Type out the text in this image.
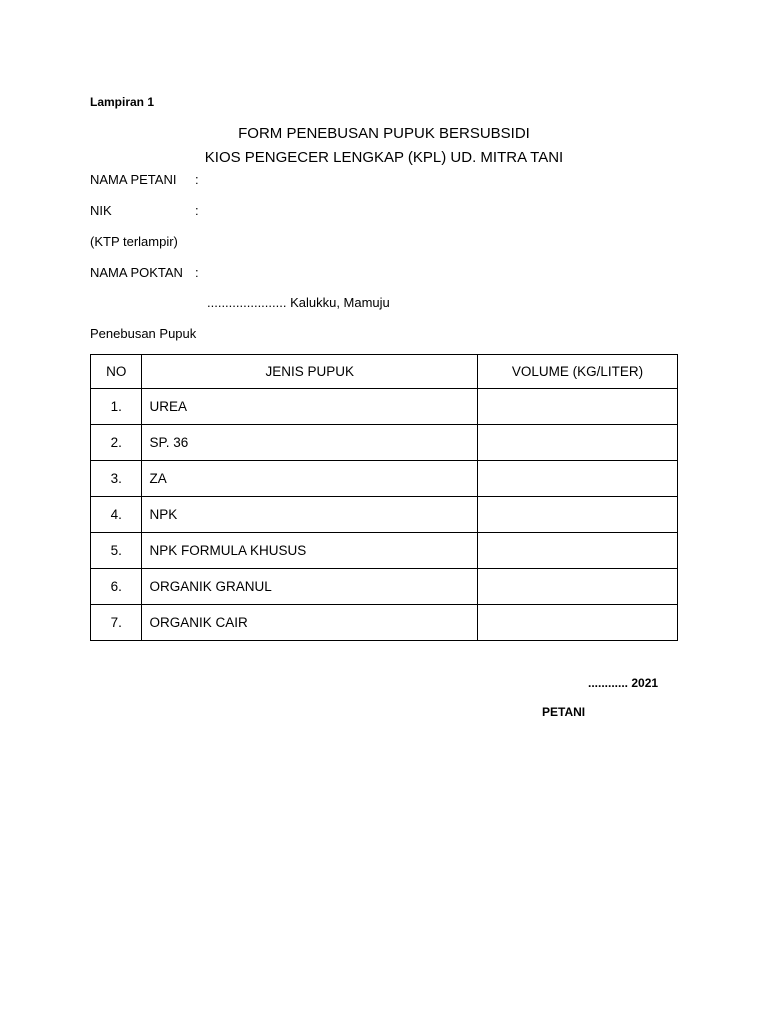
Lampiran 1
FORM PENEBUSAN PUPUK BERSUBSIDI
KIOS PENGECER LENGKAP (KPL) UD. MITRA TANI
NAMA PETANI :
NIK	:
(KTP terlampir)
NAMA POKTAN :
...................... Kalukku, Mamuju
Penebusan Pupuk
NO	JENIS PUPUK	VOLUME (KG/LITER)
1.	UREA	
2.	SP. 36	
3.	ZA	
4.	NPK	
5.	NPK FORMULA KHUSUS	
6.	ORGANIK GRANUL	
7.	ORGANIK CAIR	
............ 2021
PETANI
